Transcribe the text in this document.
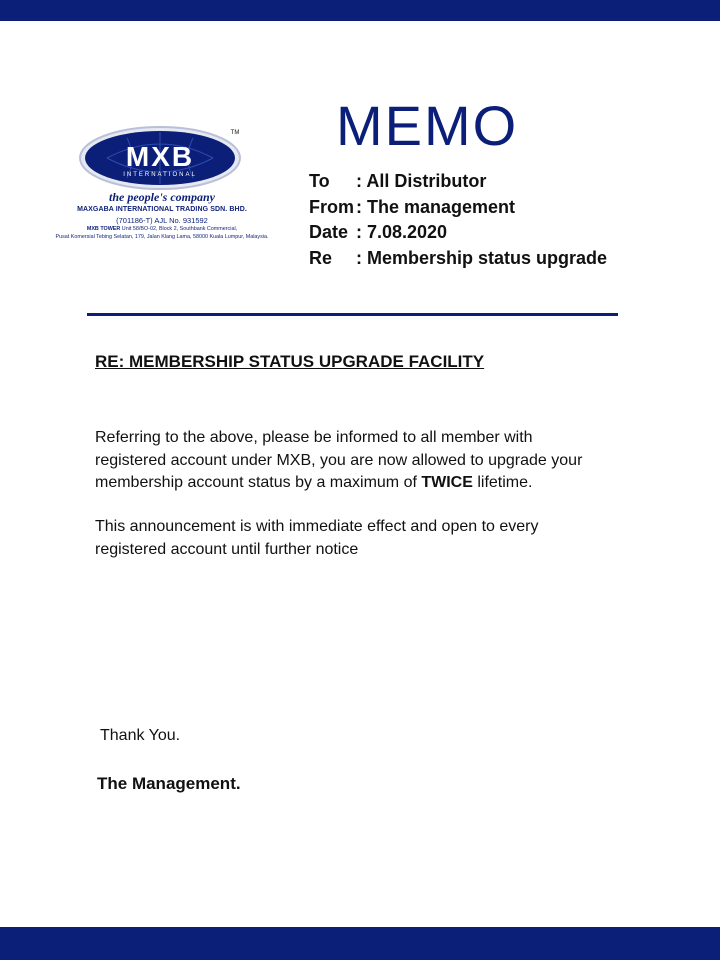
MXB
INTERNATIONAL
TM
the people's company
MAXGABA INTERNATIONAL TRADING SDN. BHD.
(701186-T) AJL No. 931592
MXB TOWER Unit 58/BO-02, Block 2, Southbank Commercial,
Pusat Komersial Tebing Selatan, 179, Jalan Klang Lama, 58000 Kuala Lumpur, Malaysia.
MEMO
To : All Distributor
From : The management
Date : 7.08.2020
Re : Membership status upgrade
RE: MEMBERSHIP STATUS UPGRADE FACILITY
Referring to the above, please be informed to all member with
registered account under MXB, you are now allowed to upgrade your
membership account status by a maximum of TWICE lifetime.
This announcement is with immediate effect and open to every
registered account until further notice
Thank You.
The Management.
